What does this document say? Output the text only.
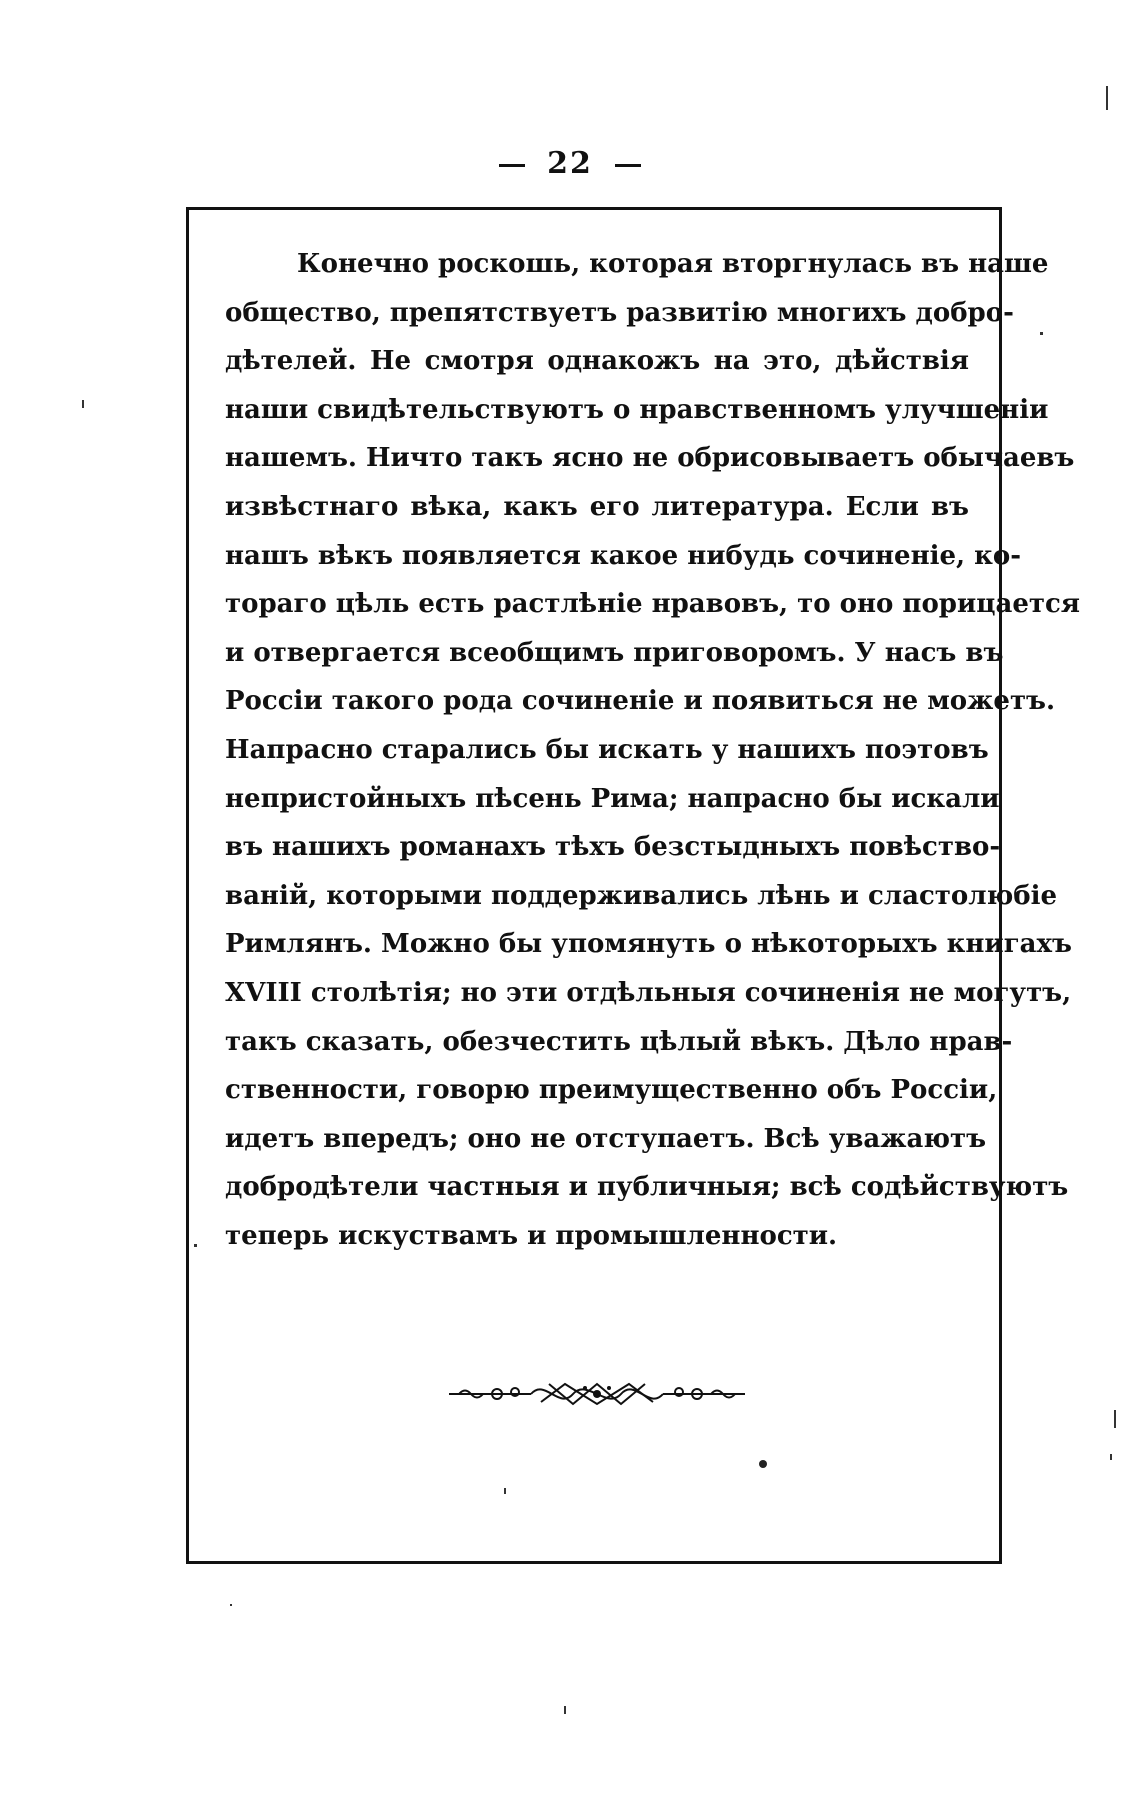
22
Конечно роскошь, которая вторгнулась въ наше
общество, препятствуетъ развитію многихъ добро-
дѣтелей. Не смотря однакожъ на это, дѣйствія
наши свидѣтельствуютъ о нравственномъ улучшеніи
нашемъ. Ничто такъ ясно не обрисовываетъ обычаевъ
извѣстнаго вѣка, какъ его литература. Если въ
нашъ вѣкъ появляется какое нибудь сочиненіе, ко-
тораго цѣль есть растлѣніе нравовъ, то оно порицается
и отвергается всеобщимъ приговоромъ. У насъ въ
Россіи такого рода сочиненіе и появиться не можетъ.
Напрасно старались бы искать у нашихъ поэтовъ
непристойныхъ пѣсень Рима; напрасно бы искали
въ нашихъ романахъ тѣхъ безстыдныхъ повѣство-
ваній, которыми поддерживались лѣнь и сластолюбіе
Римлянъ. Можно бы упомянуть о нѣкоторыхъ книгахъ
XVIII столѣтія; но эти отдѣльныя сочиненія не могутъ,
такъ сказать, обезчестить цѣлый вѣкъ. Дѣло нрав-
ственности, говорю преимущественно объ Россіи,
идетъ впередъ; оно не отступаетъ. Всѣ уважаютъ
добродѣтели частныя и публичныя; всѣ содѣйствуютъ
теперь искуствамъ и промышленности.
